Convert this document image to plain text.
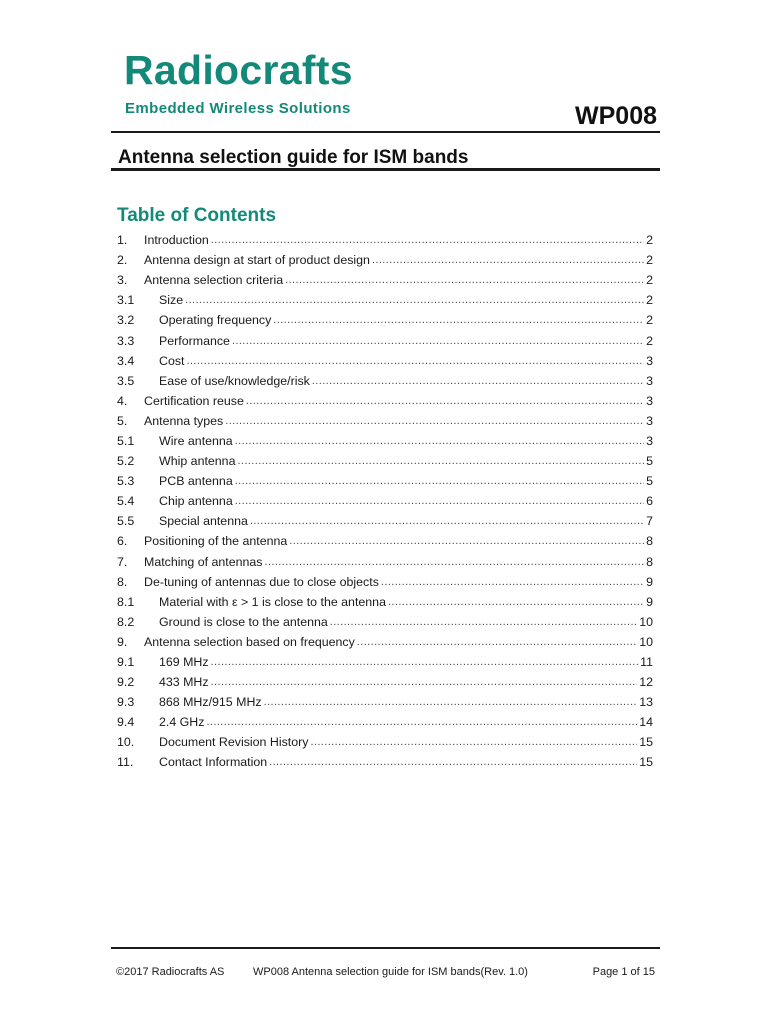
Radiocrafts
Embedded Wireless Solutions	WP008
Antenna selection guide for ISM bands
Table of Contents
1.	Introduction .....	2
2.	Antenna design at start of product design .....	2
3.	Antenna selection criteria .....	2
3.1	Size .....	2
3.2	Operating frequency .....	2
3.3	Performance .....	2
3.4	Cost .....	3
3.5	Ease of use/knowledge/risk .....	3
4.	Certification reuse .....	3
5.	Antenna types .....	3
5.1	Wire antenna .....	3
5.2	Whip antenna .....	5
5.3	PCB antenna .....	5
5.4	Chip antenna .....	6
5.5	Special antenna .....	7
6.	Positioning of the antenna .....	8
7.	Matching of antennas .....	8
8.	De-tuning of antennas due to close objects .....	9
8.1	Material with ε > 1 is close to the antenna .....	9
8.2	Ground is close to the antenna .....	10
9.	Antenna selection based on frequency .....	10
9.1	169 MHz .....	11
9.2	433 MHz .....	12
9.3	868 MHz/915 MHz .....	13
9.4	2.4 GHz .....	14
10.	Document Revision History .....	15
11.	Contact Information .....	15
©2017 Radiocrafts AS	WP008 Antenna selection guide for ISM bands(Rev. 1.0)	Page 1 of 15
